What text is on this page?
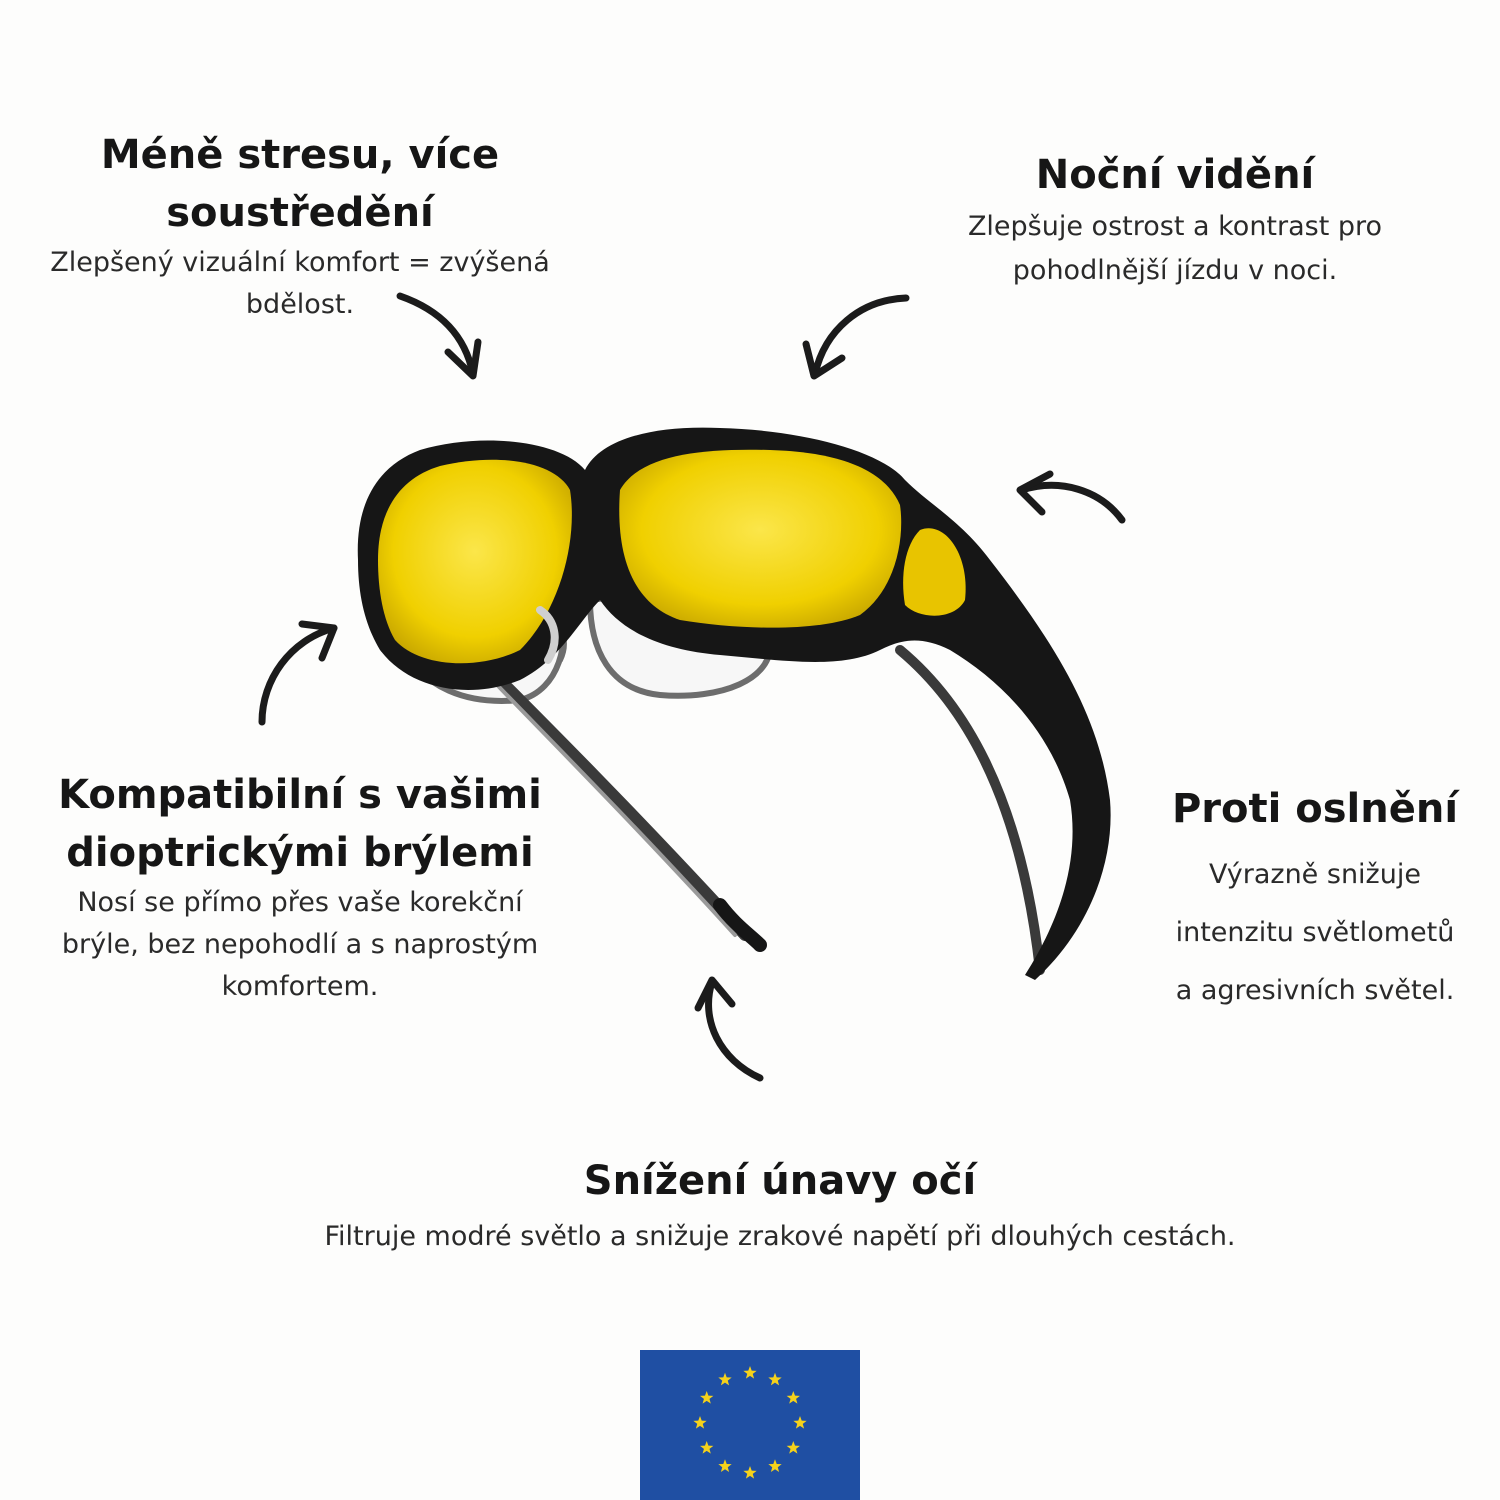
Méně stresu, více

soustředění

Zlepšený vizuální komfort = zvýšená

bdělost.

Noční vidění

Zlepšuje ostrost a kontrast pro

pohodlnější jízdu v noci.

Kompatibilní s vašimi

dioptrickými brýlemi

Nosí se přímo přes vaše korekční

brýle, bez nepohodlí a s naprostým

komfortem.

Proti oslnění

Výrazně snižuje

intenzitu světlometů

a agresivních světel.

Snížení únavy očí

Filtruje modré světlo a snižuje zrakové napětí při dlouhých cestách.
